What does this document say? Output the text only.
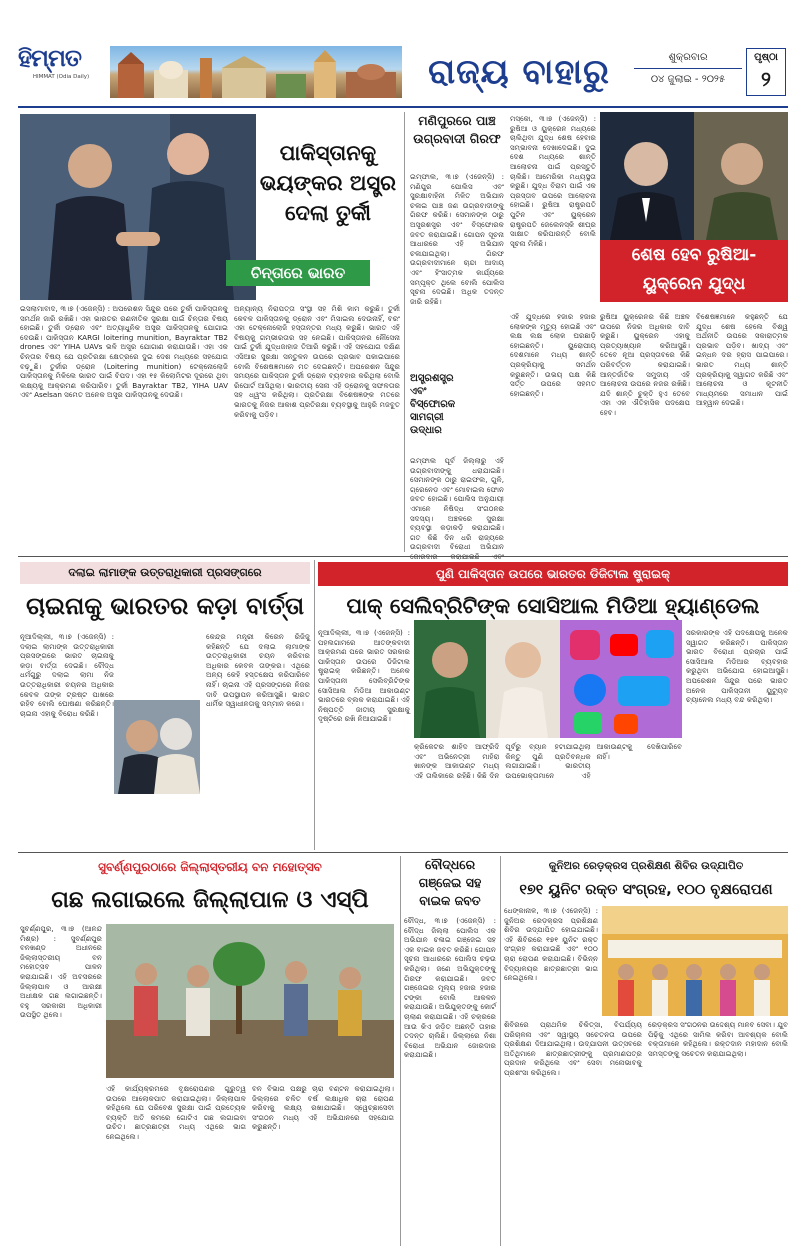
ହିମ୍ମତ
HIMMAT (Odia Daily)	ରାଜ୍ୟ ବାହାରୁ	ଶୁକ୍ରବାର
୦୪ ଜୁଲାଇ - ୨୦୨୫
ପୃଷ୍ଠା
୨
ପାକିସ୍ତାନକୁ
ଭୟଙ୍କର ଅସ୍ତ୍ର
ଦେଲା ତୁର୍କୀ
ଚିନ୍ତାରେ ଭାରତ
ଇସଲାମାବାଦ, ୩।୭ (ଏଜେନ୍ସି) : ଅପରେଶନ ସିନ୍ଦୁର ପରେ ତୁର୍କୀ ପାକିସ୍ତାନକୁ ସମର୍ଥନ ଜାରି ରଖିଛି। ଏହା ଭାରତର ରଣନୀତିକ ସୁରକ୍ଷା ପାଇଁ ଚିନ୍ତାର ବିଷୟ ହୋଇଛି। ତୁର୍କୀ ଡ୍ରୋନ ଏବଂ ଅତ୍ୟାଧୁନିକ ଅସ୍ତ୍ର ପାକିସ୍ତାନକୁ ଯୋଗାଇ ଦେଉଛି। ପାକିସ୍ତାନ KARGI loitering munition, Bayraktar TB2 drones ଏବଂ YIHA UAVs ଭଳି ଅସ୍ତ୍ର ଯୋଗାଣ କରାଯାଉଛି। ଏହା ଏକ ଚିନ୍ତାର ବିଷୟ ଯେ ପ୍ରତିରକ୍ଷା କ୍ଷେତ୍ରରେ ଦୁଇ ଦେଶ ମଧ୍ୟରେ ସହଯୋଗ ବଢ଼ୁଛି। ତୁର୍କୀର ଡ୍ରୋନ (Loitering munition) ଟେକ୍ନୋଲୋଜି ପାକିସ୍ତାନକୁ ମିଳିଲେ ଭାରତ ପାଇଁ ବିପଦ। ଏହା ୧୫ କିଲୋମିଟର ଦୂରରେ ଥିବା ଲକ୍ଷ୍ୟକୁ ଆକ୍ରମଣ କରିପାରିବ। ତୁର୍କୀ Bayraktar TB2, YIHA UAV ଏବଂ Aselsan ସମେତ ଅନେକ ଅସ୍ତ୍ର ପାକିସ୍ତାନକୁ ଦେଉଛି।
ଅନ୍ୟାନ୍ୟ ନିରାପତ୍ତା ସଂସ୍ଥା ସହ ମିଶି କାମ କରୁଛି। ତୁର୍କୀ କେବଳ ପାକିସ୍ତାନକୁ ଡ୍ରୋନ ଏବଂ ମିସାଇଲ ଦେଉନାହିଁ, ବରଂ ଏହା ଟେକ୍ନୋଲୋଜି ହସ୍ତାନ୍ତର ମଧ୍ୟ କରୁଛି। ଭାରତ ଏହି ବିଷୟକୁ ଗମ୍ଭୀରତାର ସହ ନେଇଛି। ପାକିସ୍ତାନର ନୌସେନା ପାଇଁ ତୁର୍କୀ ଯୁଦ୍ଧଜାହାଜ ତିଆରି କରୁଛି। ଏହି ସହଯୋଗ ଦକ୍ଷିଣ ଏସିଆର ସୁରକ୍ଷା ସନ୍ତୁଳନ ଉପରେ ପ୍ରଭାବ ପକାଇପାରେ ବୋଲି ବିଶେଷଜ୍ଞମାନେ ମତ ଦେଇଛନ୍ତି। ଅପରେଶନ ସିନ୍ଦୁର ସମୟରେ ପାକିସ୍ତାନ ତୁର୍କୀ ଡ୍ରୋନ ବ୍ୟବହାର କରିଥିଲା ବୋଲି ରିପୋର୍ଟ ଆସିଥିଲା। ଭାରତୀୟ ସେନା ଏହି ଡ୍ରୋନକୁ ସଫଳତାର ସହ ଧ୍ୱଂସ କରିଥିଲା। ପ୍ରତିରକ୍ଷା ବିଶେଷଜ୍ଞଙ୍କ ମତରେ ଭାରତକୁ ନିଜର ଆକାଶ ପ୍ରତିରକ୍ଷା ବ୍ୟବସ୍ଥାକୁ ଆହୁରି ମଜବୁତ କରିବାକୁ ପଡ଼ିବ।
ମଣିପୁରରେ ପାଞ୍ଚ ଉଗ୍ରବାଦୀ ଗିରଫ
ଇମ୍ଫାଲ, ୩।୭ (ଏଜେନ୍ସି) : ମଣିପୁର ପୋଲିସ ଏବଂ ସୁରକ୍ଷାବାହିନୀ ମିଳିତ ଅଭିଯାନ ଚଳାଇ ପାଞ୍ଚ ଜଣ ଉଗ୍ରବାଦୀଙ୍କୁ ଗିରଫ କରିଛି। ସେମାନଙ୍କ ଠାରୁ ଅସ୍ତ୍ରଶସ୍ତ୍ର ଏବଂ ବିସ୍ଫୋରକ ଜବତ କରାଯାଇଛି। ଗୋପନ ସୂଚନା ଆଧାରରେ ଏହି ଅଭିଯାନ ଚଳାଯାଇଥିଲା। ଗିରଫ ଉଗ୍ରବାଦୀମାନେ ଚାନ୍ଦା ଆଦାୟ ଏବଂ ହିଂସାତ୍ମକ କାର୍ଯ୍ୟରେ ସମ୍ପୃକ୍ତ ଥିଲେ ବୋଲି ପୋଲିସ ସୂଚନା ଦେଇଛି। ଅଧିକ ତଦନ୍ତ ଜାରି ରହିଛି।
ଅସ୍ତ୍ରଶସ୍ତ୍ର ଏବଂ ବିସ୍ଫୋରକ ସାମଗ୍ରୀ ଉଦ୍ଧାର
ଇମ୍ଫାଲ ପୂର୍ବ ଜିଲ୍ଲାରୁ ଏହି ଉଗ୍ରବାଦୀଙ୍କୁ ଧରାଯାଇଛି। ସେମାନଙ୍କ ଠାରୁ ରାଇଫଲ, ଗୁଳି, ଗ୍ରେନେଡ ଏବଂ ମୋବାଇଲ ଫୋନ ଜବତ ହୋଇଛି। ପୋଲିସ ଅନୁଯାୟୀ ଏମାନେ ନିଷିଦ୍ଧ ସଂଗଠନର ସଦସ୍ୟ। ଅଞ୍ଚଳରେ ସୁରକ୍ଷା ବ୍ୟବସ୍ଥା କଡ଼ାକଡ଼ି କରାଯାଇଛି। ଗତ କିଛି ଦିନ ଧରି ରାଜ୍ୟରେ ଉଗ୍ରବାଦୀ ବିରୋଧୀ ଅଭିଯାନ
ମସ୍କୋ, ୩।୭ (ଏଜେନ୍ସି) : ରୁଷିଆ ଓ ୟୁକ୍ରେନ ମଧ୍ୟରେ ଚାଲିଥିବା ଯୁଦ୍ଧ ଶେଷ ହେବାର ସମ୍ଭାବନା ଦେଖାଦେଇଛି। ଦୁଇ ଦେଶ ମଧ୍ୟରେ ଶାନ୍ତି ଆଲୋଚନା ପାଇଁ ପ୍ରସ୍ତୁତି ଚାଲିଛି। ଆମେରିକା ମଧ୍ୟସ୍ଥତା କରୁଛି। ଯୁଦ୍ଧ ବିରାମ ପାଇଁ ଏକ ପ୍ରସ୍ତାବ ଉପରେ ଆଲୋଚନା ହୋଇଛି। ରୁଷିଆ ରାଷ୍ଟ୍ରପତି ପୁଟିନ ଏବଂ ୟୁକ୍ରେନ ରାଷ୍ଟ୍ରପତି ଜେଲେନସ୍କି ଶୀଘ୍ର ସାକ୍ଷାତ କରିପାରନ୍ତି ବୋଲି ସୂଚନା ମିଳିଛି।
ଶେଷ ହେବ ରୁଷିଆ-
ୟୁକ୍ରେନ ଯୁଦ୍ଧ
ଏହି ଯୁଦ୍ଧରେ ହଜାର ହଜାର ଲୋକଙ୍କ ମୃତ୍ୟୁ ହୋଇଛି ଏବଂ ଲକ୍ଷ ଲକ୍ଷ ଲୋକ ଘରଛାଡ଼ି ହୋଇଛନ୍ତି। ୟୁରୋପୀୟ ଦେଶମାନେ ମଧ୍ୟ ଶାନ୍ତି ପ୍ରକ୍ରିୟାକୁ ସମର୍ଥନ କରୁଛନ୍ତି। ଉଭୟ ପକ୍ଷ କିଛି ସର୍ତ୍ତ ଉପରେ ସହମତ ହୋଇଛନ୍ତି।
ରୁଷିଆ ୟୁକ୍ରେନର କିଛି ଅଞ୍ଚଳ ଉପରେ ନିଜର ଅଧିକାର ଦାବି କରୁଛି। ୟୁକ୍ରେନ ଏହାକୁ ପ୍ରତ୍ୟାଖ୍ୟାନ କରିଆସୁଛି। ତେବେ ନୂଆ ପ୍ରସ୍ତାବରେ କିଛି ପରିବର୍ତ୍ତନ କରାଯାଇଛି। ଆନ୍ତର୍ଜାତିକ ସମୁଦାୟ ଏହି ଆଲୋଚନା ଉପରେ ନଜର ରଖିଛି। ଯଦି ଶାନ୍ତି ଚୁକ୍ତି ହୁଏ ତେବେ ଏହା ଏକ ଐତିହାସିକ ପଦକ୍ଷେପ ହେବ।
ବିଶେଷଜ୍ଞମାନେ କହୁଛନ୍ତି ଯେ ଯୁଦ୍ଧ ଶେଷ ହେଲେ ବିଶ୍ୱ ଅର୍ଥନୀତି ଉପରେ ସକାରାତ୍ମକ ପ୍ରଭାବ ପଡ଼ିବ। ଖାଦ୍ୟ ଏବଂ ଇନ୍ଧନ ଦର ହ୍ରାସ ପାଇପାରେ। ଭାରତ ମଧ୍ୟ ଶାନ୍ତି ପ୍ରକ୍ରିୟାକୁ ସ୍ୱାଗତ କରିଛି ଏବଂ ଆଲୋଚନା ଓ କୂଟନୀତି ମାଧ୍ୟମରେ ସମାଧାନ ପାଇଁ ଆହ୍ୱାନ ଦେଇଛି।
ଦଲାଇ ଲାମାଙ୍କ ଉତ୍ତରାଧିକାରୀ ପ୍ରସଙ୍ଗରେ
ଚାଇନାକୁ ଭାରତର କଡ଼ା ବାର୍ତ୍ତା
ନୂଆଦିଲ୍ଲୀ, ୩।୭ (ଏଜେନ୍ସି) : ଦଲାଇ ଲାମାଙ୍କ ଉତ୍ତରାଧିକାରୀ ପ୍ରସଙ୍ଗରେ ଭାରତ ଚାଇନାକୁ କଡ଼ା ବାର୍ତ୍ତା ଦେଇଛି। ବୌଦ୍ଧ ଧର୍ମଗୁରୁ ଦଲାଇ ଲାମା ନିଜ ଉତ୍ତରାଧିକାରୀ ଚୟନର ଅଧିକାର କେବଳ ତାଙ୍କ ଟ୍ରଷ୍ଟ ପାଖରେ ରହିବ ବୋଲି ଘୋଷଣା କରିଛନ୍ତି। ଚାଇନା ଏହାକୁ ବିରୋଧ କରିଛି।
କେନ୍ଦ୍ର ମନ୍ତ୍ରୀ କିରେନ ରିଜିଜୁ କହିଛନ୍ତି ଯେ ଦଲାଇ ଲାମାଙ୍କ ଉତ୍ତରାଧିକାରୀ ଚୟନ କରିବାର ଅଧିକାର କେବଳ ତାଙ୍କର। ଏଥିରେ ଅନ୍ୟ କେହି ହସ୍ତକ୍ଷେପ କରିପାରିବେ ନାହିଁ। ଚାଇନା ଏହି ପ୍ରସଙ୍ଗରେ ନିଜର ଦାବି ଉପସ୍ଥାପନ କରିଆସୁଛି। ଭାରତ ଧାର୍ମିକ ସ୍ୱାଧୀନତାକୁ ସମ୍ମାନ କରେ।
ପୁଣି ପାକିସ୍ତାନ ଉପରେ ଭାରତର ଡିଜିଟାଲ ଷ୍ଟ୍ରାଇକ୍
ପାକ୍ ସେଲିବ୍ରିଟିଙ୍କ ସୋସିଆଲ ମିଡିଆ ହ୍ୟାଣ୍ଡେଲ
ନୂଆଦିଲ୍ଲୀ, ୩।୭ (ଏଜେନ୍ସି) : ପହଲଗାମରେ ଆତଙ୍କବାଦୀ ଆକ୍ରମଣ ପରେ ଭାରତ ସରକାର ପାକିସ୍ତାନ ଉପରେ ଡିଜିଟାଲ ଷ୍ଟ୍ରାଇକ୍ କରିଛନ୍ତି। ଅନେକ ପାକିସ୍ତାନୀ ସେଲିବ୍ରିଟିଙ୍କ ସୋସିଆଲ ମିଡିଆ ଆକାଉଣ୍ଟ ଭାରତରେ ବ୍ଲକ କରାଯାଇଛି। ଏହି ନିଷ୍ପତ୍ତି ଜାତୀୟ ସୁରକ୍ଷାକୁ ଦୃଷ୍ଟିରେ ରଖି ନିଆଯାଇଛି।
କ୍ରିକେଟର ଶାହିଦ ଆଫ୍ରିଦି ଏବଂ ଅଭିନେତ୍ରୀ ମାହିରା ଖାନଙ୍କ ଆକାଉଣ୍ଟ ମଧ୍ୟ ଏହି ତାଲିକାରେ ରହିଛି। କିଛି ଦିନ ପୂର୍ବରୁ ବ୍ୟାନ ହଟାଯାଇଥିଲା କିନ୍ତୁ ପୁଣି ପ୍ରତିବନ୍ଧକ ଲଗାଯାଇଛି। ଭାରତୀୟ ଉପଭୋକ୍ତାମାନେ ଏହି ଆକାଉଣ୍ଟକୁ ଦେଖିପାରିବେ ନାହିଁ।
ସରକାରଙ୍କ ଏହି ପଦକ୍ଷେପକୁ ଅନେକ ସ୍ୱାଗତ କରିଛନ୍ତି। ପାକିସ୍ତାନ ଭାରତ ବିରୋଧୀ ପ୍ରଚାର ପାଇଁ ସୋସିଆଲ ମିଡିଆର ବ୍ୟବହାର କରୁଥିବା ଅଭିଯୋଗ ହୋଇଆସୁଛି। ଅପରେଶନ ସିନ୍ଦୁର ପରେ ଭାରତ ଅନେକ ପାକିସ୍ତାନୀ ୟୁଟ୍ୟୁବ ଚ୍ୟାନେଲ ମଧ୍ୟ ବନ୍ଦ କରିଥିଲା।
ସୁବର୍ଣ୍ଣପୁରଠାରେ ଜିଲ୍ଲାସ୍ତରୀୟ ବନ ମହୋତ୍ସବ
ଗଛ ଲଗାଇଲେ ଜିଲ୍ଲାପାଳ ଓ ଏସ୍‌ପି
ସୁବର୍ଣ୍ଣପୁର, ୩।୭ (ଆନନ୍ଦ ମିଶ୍ର) : ସୁବର୍ଣ୍ଣପୁର ବନଖଣ୍ଡ ଅଧୀନରେ ଜିଲ୍ଲାସ୍ତରୀୟ ବନ ମହୋତ୍ସବ ପାଳନ କରାଯାଇଛି। ଏହି ଅବସରରେ ଜିଲ୍ଲାପାଳ ଓ ଆରକ୍ଷୀ ଅଧୀକ୍ଷକ ଗଛ ଲଗାଇଛନ୍ତି। ବହୁ ସରକାରୀ ଅଧିକାରୀ ଉପସ୍ଥିତ ଥିଲେ।
ଏହି କାର୍ଯ୍ୟକ୍ରମରେ ବୃକ୍ଷରୋପଣର ଗୁରୁତ୍ୱ ଉପରେ ଆଲୋକପାତ କରାଯାଇଥିଲା। ଜିଲ୍ଲାପାଳ କହିଥିଲେ ଯେ ପରିବେଶ ସୁରକ୍ଷା ପାଇଁ ପ୍ରତ୍ୟେକ ବ୍ୟକ୍ତି ଅତି କମରେ ଗୋଟିଏ ଗଛ ଲଗାଇବା ଉଚିତ। ଛାତ୍ରଛାତ୍ରୀ ମଧ୍ୟ ଏଥିରେ ଭାଗ ନେଇଥିଲେ।
ବନ ବିଭାଗ ପକ୍ଷରୁ ଚାରା ବଣ୍ଟନ କରାଯାଇଥିଲା। ଜିଲ୍ଲାରେ ଚଳିତ ବର୍ଷ ଲକ୍ଷାଧିକ ଚାରା ରୋପଣ କରିବାକୁ ଲକ୍ଷ୍ୟ ରଖାଯାଇଛି। ସ୍ୱେଚ୍ଛାସେବୀ ସଂଗଠନ ମଧ୍ୟ ଏହି ଅଭିଯାନରେ ସହଯୋଗ କରୁଛନ୍ତି।
ବୌଦ୍ଧରେ ଗଞ୍ଜେଇ ସହ ବାଇକ ଜବତ
ବୌଦ୍ଧ, ୩।୭ (ଏଜେନ୍ସି) : ବୌଦ୍ଧ ଜିଲ୍ଲା ପୋଲିସ ଏକ ଅଭିଯାନ ଚଳାଇ ଗଞ୍ଜେଇ ସହ ଏକ ବାଇକ ଜବତ କରିଛି। ଗୋପନ ସୂଚନା ଆଧାରରେ ପୋଲିସ ଚଢ଼ଉ କରିଥିଲା। ଜଣେ ଅଭିଯୁକ୍ତଙ୍କୁ ଗିରଫ କରାଯାଇଛି। ଜବତ ଗଞ୍ଜେଇର ମୂଲ୍ୟ ହଜାର ହଜାର ଟଙ୍କା ବୋଲି ଆକଳନ କରାଯାଉଛି। ଅଭିଯୁକ୍ତଙ୍କୁ କୋର୍ଟ ଚାଲାଣ କରାଯାଇଛି। ଏହି ଚକ୍ରରେ ଆଉ କିଏ ଜଡ଼ିତ ଅଛନ୍ତି ତାହାର ତଦନ୍ତ ଚାଲିଛି। ଜିଲ୍ଲାରେ ନିଶା ବିରୋଧୀ ଅଭିଯାନ ଜୋରଦାର କରାଯାଇଛି।
କୁନିଅର ରେଡ଼କ୍ରସ ପ୍ରଶିକ୍ଷଣ ଶିବିର ଉଦ୍‌ଯାପିତ
୧୭୧ ୟୁନିଟ ରକ୍ତ ସଂଗ୍ରହ, ୧୦୦ ବୃକ୍ଷରୋପଣ
ଧେଙ୍କାନାଳ, ୩।୭ (ଏଜେନ୍ସି) : ଜୁନିଅର ରେଡ଼କ୍ରସ ପ୍ରଶିକ୍ଷଣ ଶିବିର ଉଦ୍‌ଯାପିତ ହୋଇଯାଇଛି। ଏହି ଶିବିରରେ ୧୭୧ ୟୁନିଟ ରକ୍ତ ସଂଗ୍ରହ କରାଯାଇଛି ଏବଂ ୧୦୦ ଚାରା ରୋପଣ କରାଯାଇଛି। ବିଭିନ୍ନ ବିଦ୍ୟାଳୟର ଛାତ୍ରଛାତ୍ରୀ ଭାଗ ନେଇଥିଲେ।
ଶିବିରରେ ପ୍ରାଥମିକ ଚିକିତ୍ସା, ବିପର୍ଯ୍ୟୟ ପରିଚାଳନା ଏବଂ ସ୍ୱାସ୍ଥ୍ୟ ସଚେତନତା ଉପରେ ପ୍ରଶିକ୍ଷଣ ଦିଆଯାଇଥିଲା। ଉଦ୍‌ଯାପନୀ ଉତ୍ସବରେ ଅତିଥିମାନେ ଛାତ୍ରଛାତ୍ରୀଙ୍କୁ ପ୍ରମାଣପତ୍ର ପ୍ରଦାନ କରିଥିଲେ ଏବଂ ସେବା ମନୋଭାବକୁ ପ୍ରଶଂସା କରିଥିଲେ।
ରେଡ଼କ୍ରସ ସଂଗଠନର ଉଦ୍ଦେଶ୍ୟ ମାନବ ସେବା। ଯୁବ ପିଢ଼ିକୁ ଏଥିରେ ସାମିଲ କରିବା ଆବଶ୍ୟକ ବୋଲି ବକ୍ତାମାନେ କହିଥିଲେ। ରକ୍ତଦାନ ମହାଦାନ ବୋଲି ସମସ୍ତଙ୍କୁ ସଚେତନ କରାଯାଇଥିଲା।
